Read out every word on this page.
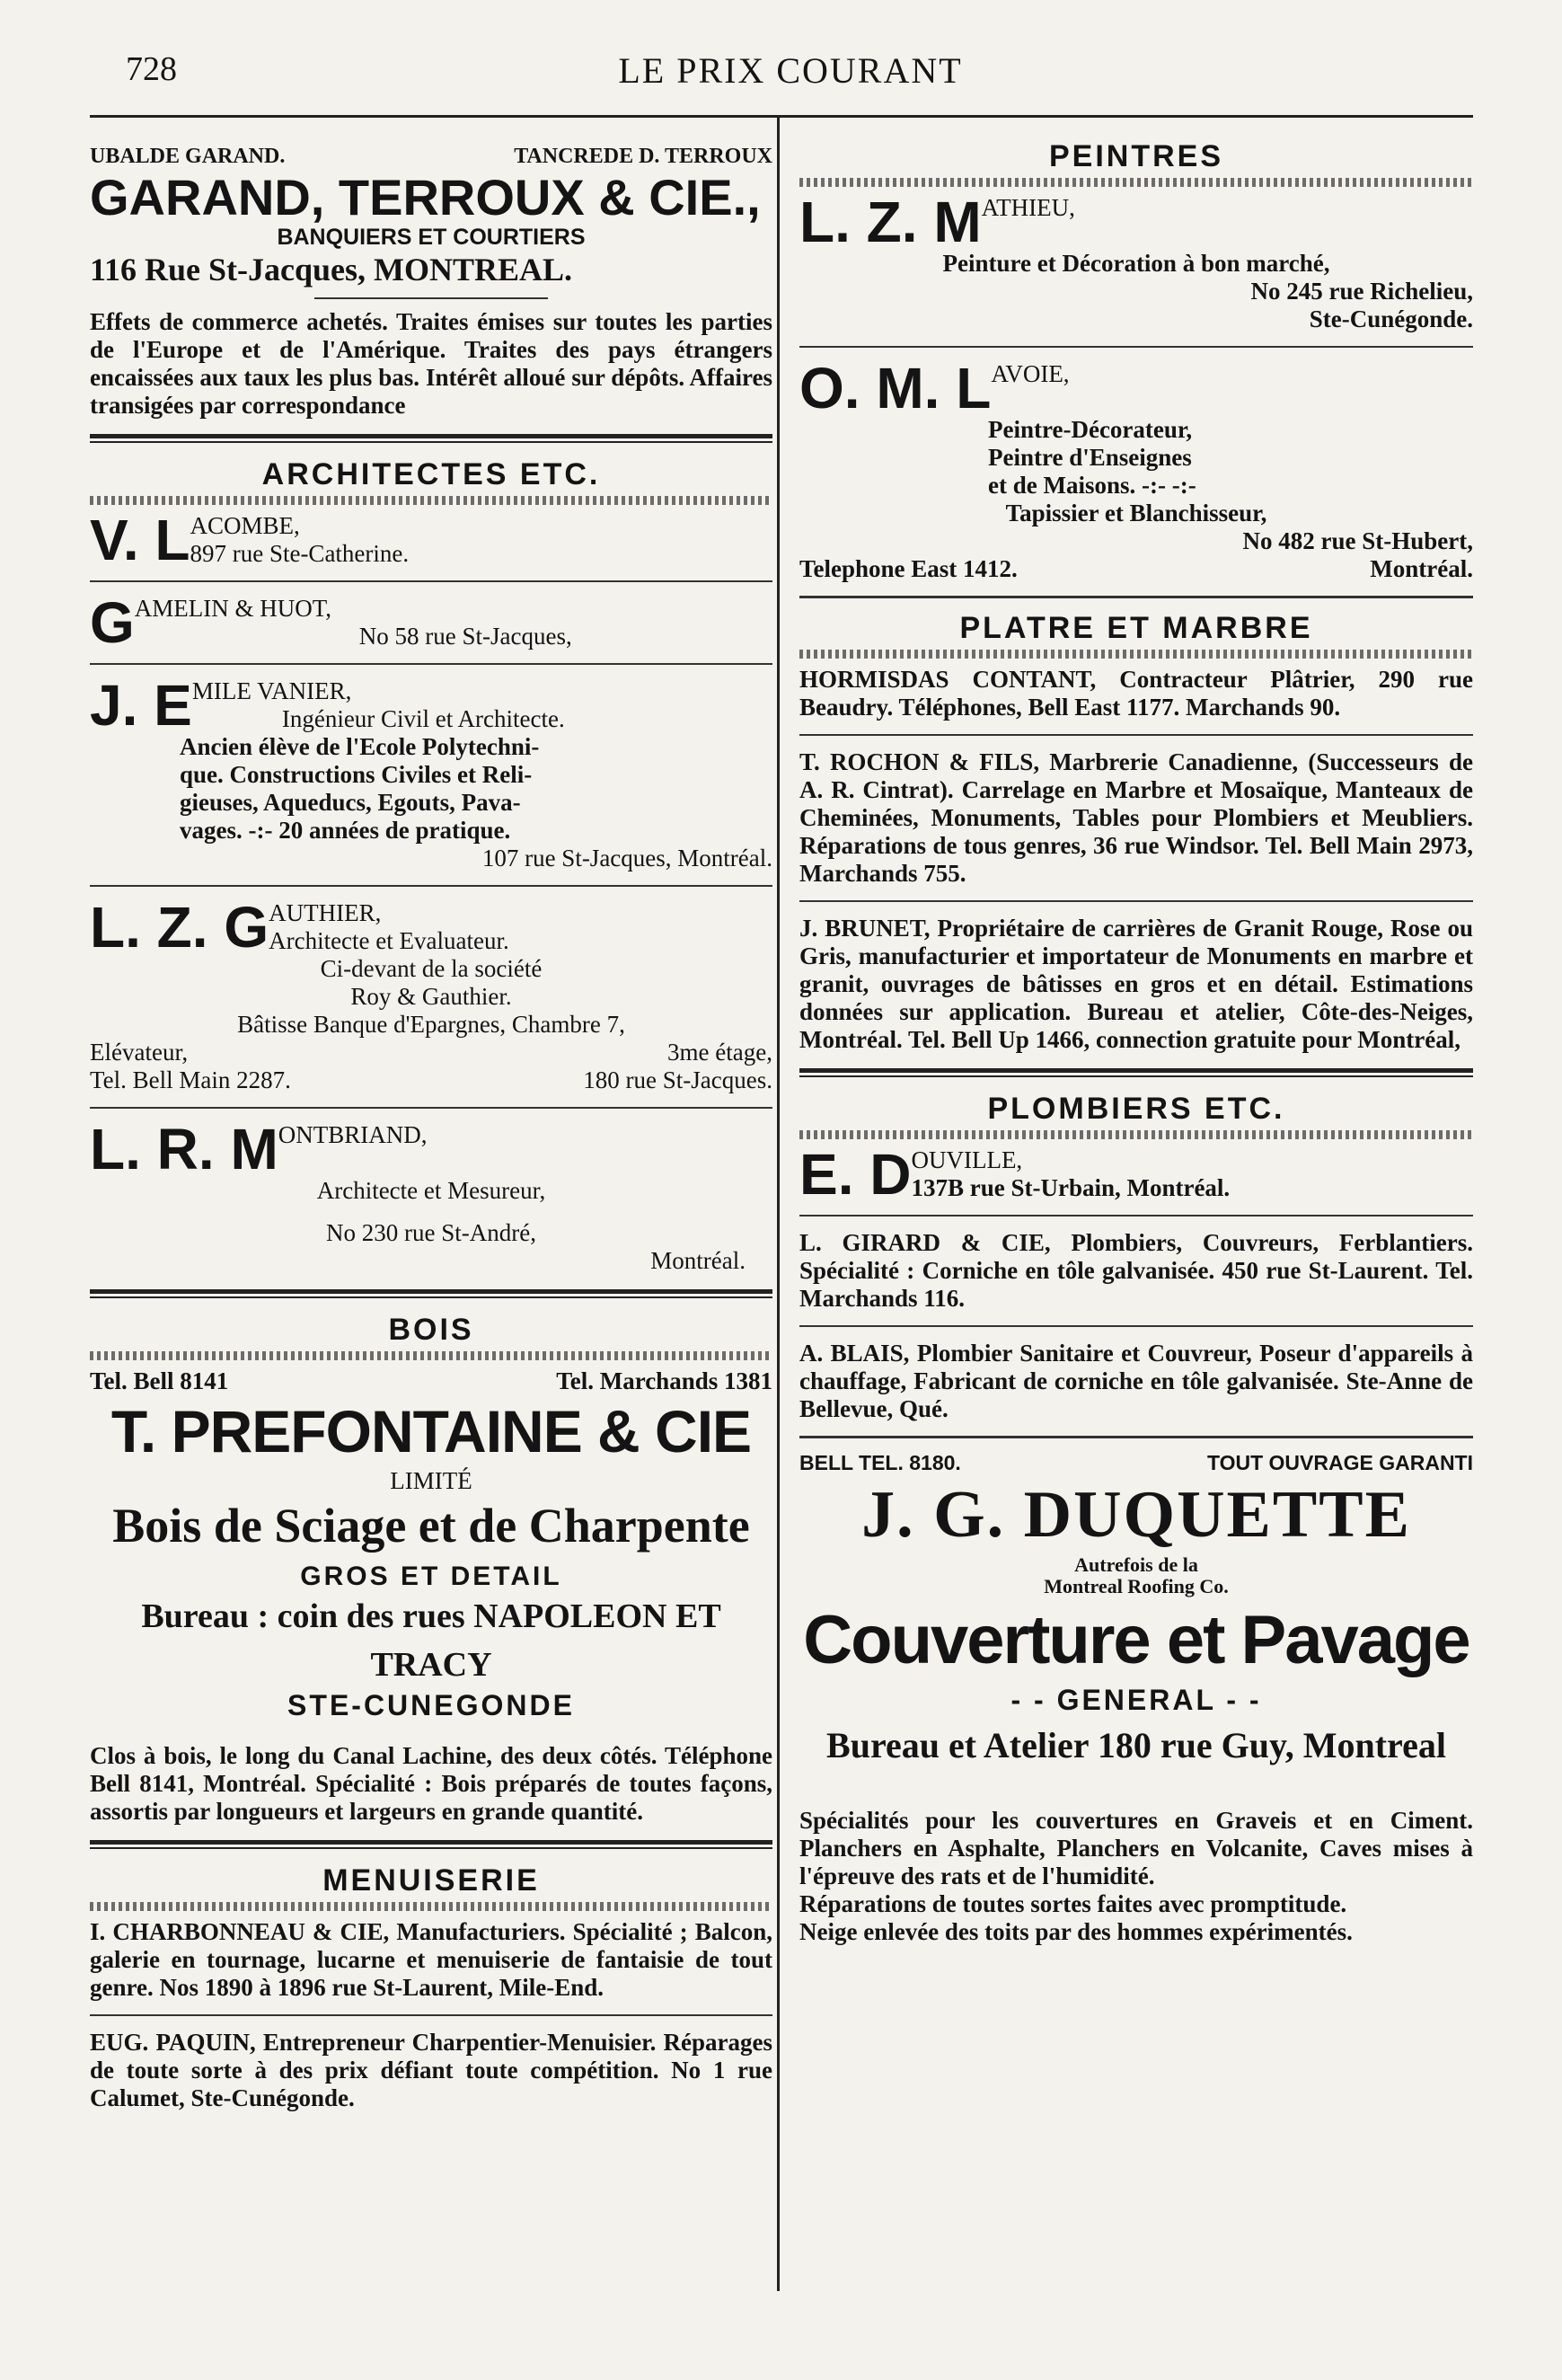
728	LE PRIX COURANT
UBALDE GARAND.	TANCREDE D. TERROUX
GARAND, TERROUX & CIE.,
BANQUIERS ET COURTIERS
116 Rue St-Jacques, MONTREAL.
Effets de commerce achetés. Traites émises sur toutes les parties de l'Europe et de l'Amérique. Traites des pays étrangers encaissées aux taux les plus bas. Intérêt alloué sur dépôts. Affaires transigées par correspondance
ARCHITECTES ETC.
V. L ACOMBE,
897 rue Ste-Catherine.
G AMELIN & HUOT,
No 58 rue St-Jacques,
J. E MILE VANIER,
Ingénieur Civil et Architecte.
Ancien élève de l'Ecole Polytechni-
que. Constructions Civiles et Reli-
gieuses, Aqueducs, Egouts, Pava-
vages. -:- 20 années de pratique.
107 rue St-Jacques, Montréal.
L. Z. G AUTHIER,
Architecte et Evaluateur.
Ci-devant de la société
Roy & Gauthier.
Bâtisse Banque d'Epargnes, Chambre 7,
Elévateur,	3me étage,
Tel. Bell Main 2287.	180 rue St-Jacques.
L. R. M ONTBRIAND,
Architecte et Mesureur,
No 230 rue St-André,
Montréal.
BOIS
Tel. Bell 8141	Tel. Marchands 1381
T. PREFONTAINE & CIE
LIMITÉ
Bois de Sciage et de Charpente
GROS ET DETAIL
Bureau : coin des rues NAPOLEON ET TRACY
STE-CUNEGONDE
Clos à bois, le long du Canal Lachine, des deux côtés. Téléphone Bell 8141, Montréal. Spécialité : Bois préparés de toutes façons, assortis par longueurs et largeurs en grande quantité.
MENUISERIE
I. CHARBONNEAU & CIE, Manufacturiers. Spécialité ; Balcon, galerie en tournage, lucarne et menuiserie de fantaisie de tout genre. Nos 1890 à 1896 rue St-Laurent, Mile-End.
EUG. PAQUIN, Entrepreneur Charpentier-Menuisier. Réparages de toute sorte à des prix défiant toute compétition. No 1 rue Calumet, Ste-Cunégonde.
PEINTRES
L. Z. M ATHIEU,
Peinture et Décoration à bon marché,
No 245 rue Richelieu,
Ste-Cunégonde.
O. M. L AVOIE,
Peintre-Décorateur,
Peintre d'Enseignes
et de Maisons. -:- -:-
Tapissier et Blanchisseur,
No 482 rue St-Hubert,
Telephone East 1412.	Montréal.
PLATRE ET MARBRE
HORMISDAS CONTANT, Contracteur Plâtrier, 290 rue Beaudry. Téléphones, Bell East 1177. Marchands 90.
T. ROCHON & FILS, Marbrerie Canadienne, (Successeurs de A. R. Cintrat). Carrelage en Marbre et Mosaïque, Manteaux de Cheminées, Monuments, Tables pour Plombiers et Meubliers. Réparations de tous genres, 36 rue Windsor. Tel. Bell Main 2973, Marchands 755.
J. BRUNET, Propriétaire de carrières de Granit Rouge, Rose ou Gris, manufacturier et importateur de Monuments en marbre et granit, ouvrages de bâtisses en gros et en détail. Estimations données sur application. Bureau et atelier, Côte-des-Neiges, Montréal. Tel. Bell Up 1466, connection gratuite pour Montréal,
PLOMBIERS ETC.
E. D OUVILLE,
137B rue St-Urbain, Montréal.
L. GIRARD & CIE, Plombiers, Couvreurs, Ferblantiers. Spécialité : Corniche en tôle galvanisée. 450 rue St-Laurent. Tel. Marchands 116.
A. BLAIS, Plombier Sanitaire et Couvreur, Poseur d'appareils à chauffage, Fabricant de corniche en tôle galvanisée. Ste-Anne de Bellevue, Qué.
BELL TEL. 8180.	TOUT OUVRAGE GARANTI
J. G. DUQUETTE
Autrefois de la
Montreal Roofing Co.
Couverture et Pavage
- - GENERAL - -
Bureau et Atelier 180 rue Guy, Montreal
Spécialités pour les couvertures en Graveis et en Ciment. Planchers en Asphalte, Planchers en Volcanite, Caves mises à l'épreuve des rats et de l'humidité.
Réparations de toutes sortes faites avec promptitude.
Neige enlevée des toits par des hommes expérimentés.
